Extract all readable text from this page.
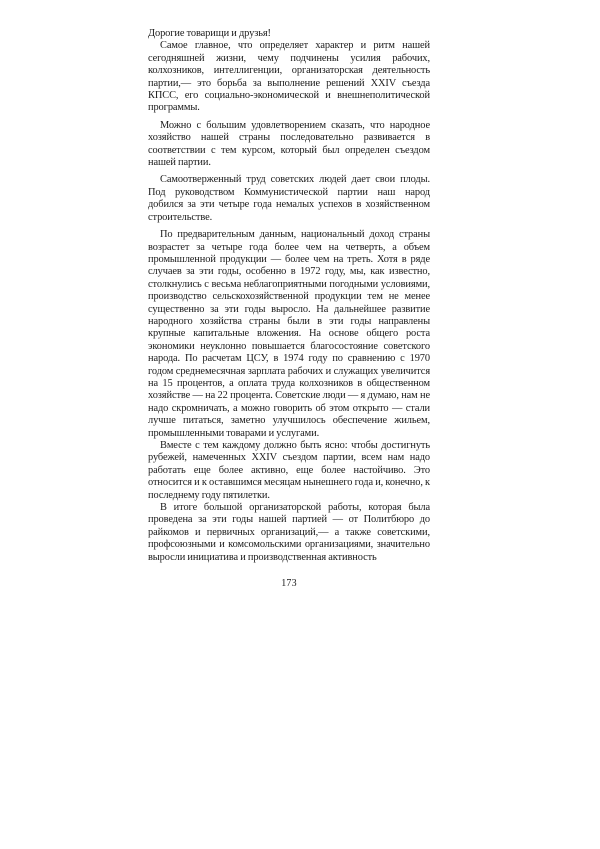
Дорогие товарищи и друзья!

Самое главное, что определяет характер и ритм нашей сегодняшней жизни, чему подчинены усилия рабочих, колхозников, интеллигенции, организаторская деятельность партии,— это борьба за выполнение решений XXIV съезда КПСС, его социально-экономической и внешнеполитической программы.

Можно с большим удовлетворением сказать, что народное хозяйство нашей страны последовательно развивается в соответствии с тем курсом, который был определен съездом нашей партии.

Самоотверженный труд советских людей дает свои плоды. Под руководством Коммунистической партии наш народ добился за эти четыре года немалых успехов в хозяйственном строительстве.

По предварительным данным, национальный доход страны возрастет за четыре года более чем на четверть, а объем промышленной продукции — более чем на треть. Хотя в ряде случаев за эти годы, особенно в 1972 году, мы, как известно, столкнулись с весьма неблагоприятными погодными условиями, производство сельскохозяйственной продукции тем не менее существенно за эти годы выросло. На дальнейшее развитие народного хозяйства страны были в эти годы направлены крупные капитальные вложения. На основе общего роста экономики неуклонно повышается благосостояние советского народа. По расчетам ЦСУ, в 1974 году по сравнению с 1970 годом среднемесячная зарплата рабочих и служащих увеличится на 15 процентов, а оплата труда колхозников в общественном хозяйстве — на 22 процента. Советские люди — я думаю, нам не надо скромничать, а можно говорить об этом открыто — стали лучше питаться, заметно улучшилось обеспечение жильем, промышленными товарами и услугами.

Вместе с тем каждому должно быть ясно: чтобы достигнуть рубежей, намеченных XXIV съездом партии, всем нам надо работать еще более активно, еще более настойчиво. Это относится и к оставшимся месяцам нынешнего года и, конечно, к последнему году пятилетки.

В итоге большой организаторской работы, которая была проведена за эти годы нашей партией — от Политбюро до райкомов и первичных организаций,— а также советскими, профсоюзными и комсомольскими организациями, значительно выросли инициатива и производственная активность

173
